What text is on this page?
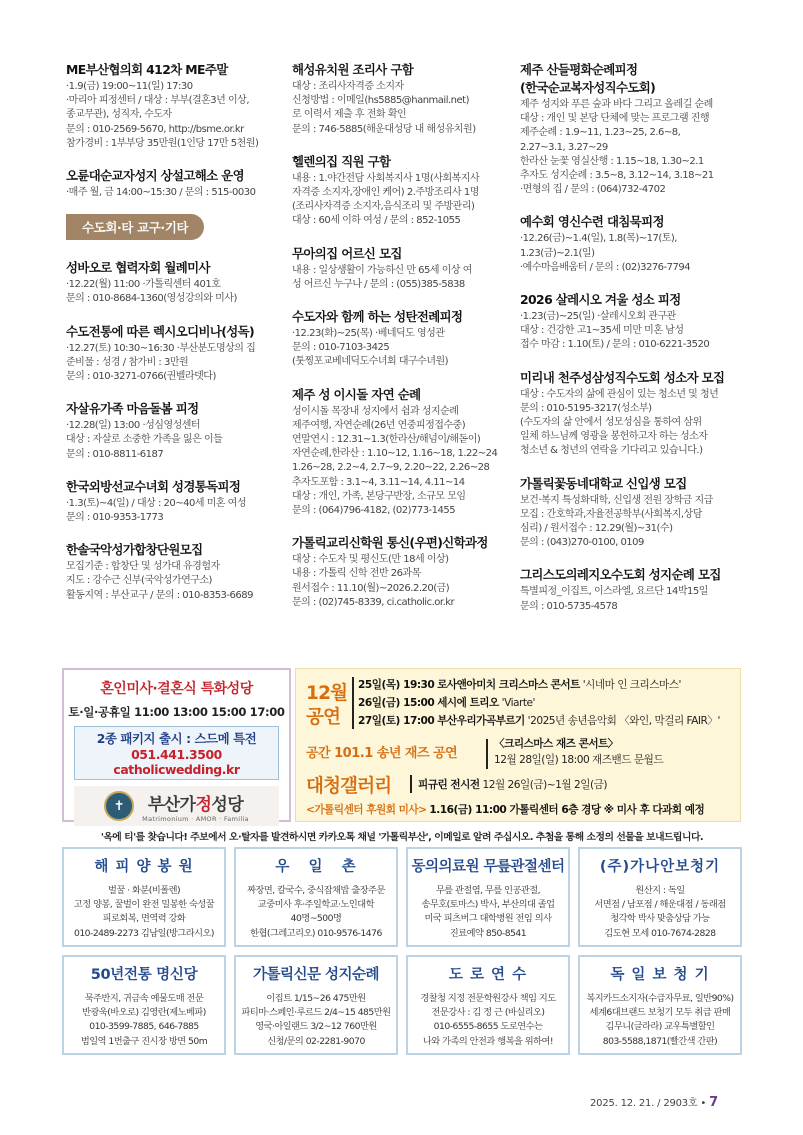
ME부산협의회 412차 ME주말

·1.9(금) 19:00~11(일) 17:30

·마리아 피정센터 / 대상 : 부부(결혼3년 이상,

종교무관), 성직자, 수도자

문의 : 010-2569-5670, http://bsme.or.kr

참가경비 : 1부부당 35만원(1인당 17만 5천원)

오륜대순교자성지 상설고해소 운영

·매주 월, 금 14:00~15:30 / 문의 : 515-0030

수도회·타 교구·기타
성바오로 협력자회 월례미사

·12.22(월) 11:00 ·가톨릭센터 401호

문의 : 010-8684-1360(영성강의와 미사)

수도전통에 따른 렉시오디비나(성독)

·12.27(토) 10:30~16:30 ·부산분도명상의 집

준비물 : 성경 / 참가비 : 3만원

문의 : 010-3271-0766(권벨라뎃다)

자살유가족 마음돌봄 피정

·12.28(일) 13:00 ·성심영성센터

대상 : 자살로 소중한 가족을 잃은 이들

문의 : 010-8811-6187

한국외방선교수녀회 성경통독피정

·1.3(토)~4(일) / 대상 : 20~40세 미혼 여성

문의 : 010-9353-1773

한솔국악성가합창단원모집

모집기준 : 합창단 및 성가대 유경험자

지도 : 강수근 신부(국악성가연구소)

활동지역 : 부산교구 / 문의 : 010-8353-6689

해성유치원 조리사 구함

대상 : 조리사자격증 소지자

신청방법 : 이메일(hs5885@hanmail.net)

로 이력서 제출 후 전화 확인

문의 : 746-5885(해운대성당 내 해성유치원)

헬렌의집 직원 구함

내용 : 1.야간전담 사회복지사 1명(사회복지사

자격증 소지자,장애인 케어) 2.주방조리사 1명

(조리사자격증 소지자,음식조리 및 주방관리)

대상 : 60세 이하 여성 / 문의 : 852-1055

무아의집 어르신 모집

내용 : 일상생활이 가능하신 만 65세 이상 여

성 어르신 누구나 / 문의 : (055)385-5838

수도자와 함께 하는 성탄전례피정

·12.23(화)~25(목) ·베네딕도 영성관

문의 : 010-7103-3425

(툿찡포교베네딕도수녀회 대구수녀원)

제주 성 이시돌 자연 순례

성이시돌 목장내 성지에서 쉼과 성지순례

제주여행, 자연순례(26년 연중피정접수중)

연말연시 : 12.31~1.3(한라산/해넘이/해돋이)

자연순례,한라산 : 1.10~12, 1.16~18, 1.22~24

1.26~28, 2.2~4, 2.7~9, 2.20~22, 2.26~28

추자도포함 : 3.1~4, 3.11~14, 4.11~14

대상 : 개인, 가족, 본당구반장, 소규모 모임

문의 : (064)796-4182, (02)773-1455

가톨릭교리신학원 통신(우편)신학과정

대상 : 수도자 및 평신도(만 18세 이상)

내용 : 가톨릭 신학 전반 26과목

원서접수 : 11.10(월)~2026.2.20(금)

문의 : (02)745-8339, ci.catholic.or.kr

제주 산들평화순례피정
(한국순교복자성직수도회)

제주 성지와 푸른 숲과 바다 그리고 올레길 순례

대상 : 개인 및 본당 단체에 맞는 프로그램 진행

제주순례 : 1.9~11, 1.23~25, 2.6~8,

2.27~3.1, 3.27~29

한라산 눈꽃 영실산행 : 1.15~18, 1.30~2.1

추자도 성지순례 : 3.5~8, 3.12~14, 3.18~21

·면형의 집 / 문의 : (064)732-4702

예수회 영신수련 대침묵피정

·12.26(금)~1.4(일), 1.8(목)~17(토),

1.23(금)~2.1(일)

·예수마음배움터 / 문의 : (02)3276-7794

2026 살레시오 겨울 성소 피정

·1.23(금)~25(일) ·살레시오회 관구관

대상 : 건강한 고1~35세 미만 미혼 남성

접수 마감 : 1.10(토) / 문의 : 010-6221-3520

미리내 천주성삼성직수도회 성소자 모집

대상 : 수도자의 삶에 관심이 있는 청소년 및 청년

문의 : 010-5195-3217(성소부)

(수도자의 삶 안에서 성모성심을 통하여 삼위

일체 하느님께 영광을 봉헌하고자 하는 성소자

청소년 & 청년의 연락을 기다리고 있습니다.)

가톨릭꽃동네대학교 신입생 모집

보건·복지 특성화대학, 신입생 전원 장학금 지급

모집 : 간호학과,자율전공학부(사회복지,상담

심리) / 원서접수 : 12.29(월)~31(수)

문의 : (043)270-0100, 0109

그리스도의레지오수도회 성지순례 모집

특별피정_이집트, 이스라엘, 요르단 14박15일

문의 : 010-5735-4578

혼인미사·결혼식 특화성당
토·일·공휴일 11:00 13:00 15:00 17:00
2종 패키지 출시 : 스드메 특전
051.441.3500 catholicwedding.kr
✝	부산가정성당
Matrimonium · AMOR · Familia
12월
공연
25일(목) 19:30 로사앤아미치 크리스마스 콘서트 '시네마 인 크리스마스'
26일(금) 15:00 세시에 트리오 'Viarte'
27일(토) 17:00 부산우리가곡부르기 '2025년 송년음악회 〈와인, 막걸리 FAIR〉'
공간 101.1 송년 재즈 공연
〈크리스마스 재즈 콘서트〉
12월 28일(일) 18:00 재즈밴드 문월드
대청갤러리	피규린 전시전 12월 26일(금)~1월 2일(금)
<가톨릭센터 후원회 미사> 1.16(금) 11:00 가톨릭센터 6층 경당 ※ 미사 후 다과회 예정
'옥에 티'를 찾습니다! 주보에서 오·탈자를 발견하시면 카카오톡 채널 '가톨릭부산', 이메일로 알려 주십시오. 추첨을 통해 소정의 선물을 보내드립니다.
해 피 양 봉 원

벌꿀 · 화분(비폴렌)

고정 양봉, 꿀벌이 완전 밀봉한 숙성꿀

피로회복, 면역력 강화

010-2489-2273 김남일(방그라시오)

우   일   촌

짜장면, 칼국수, 중식잡채밥 출장주문

교중미사 후·주일학교·노인대학

40명~500명

한협(그레고리오) 010-9576-1476

동의의료원 무릎관절센터

무릎 관절염, 무릎 인공관절,

송무호(토마스) 박사, 부산의대 졸업

미국 피츠버그 대학병원 전임 의사

진료예약 850-8541

(주)가나안보청기

원산지 : 독일

서면점 / 남포점 / 해운대점 / 동래점

청각학 박사 맞춤상담 가능

김도현 모세 010-7674-2828

50년전통 명신당

묵주반지, 귀금속 예물도매 전문

반광욱(바오로) 김영란(제노베파)

010-3599-7885, 646-7885

범일역 1번출구 진시장 방면 50m

가톨릭신문 성지순례

이집트 1/15~26 475만원

파티마·스페인·루르드 2/4~15 485만원

영국·아일랜드 3/2~12 760만원

신청/문의 02-2281-9070

도 로 연 수

경찰청 지정 전문학원강사 책임 지도

전문강사 : 김 정 근 (바실리오)

010-6555-8655 도로연수는

나와 가족의 안전과 행복을 위하여!

독 일 보 청 기

복지카드소지자(수급자무료, 일반90%)

세계6대브랜드 보청기 모두 취급 판매

김무니(글라라) 교우특별할인

803-5588,1871(빨간색 간판)

2025. 12. 21. / 2903호 • 7
